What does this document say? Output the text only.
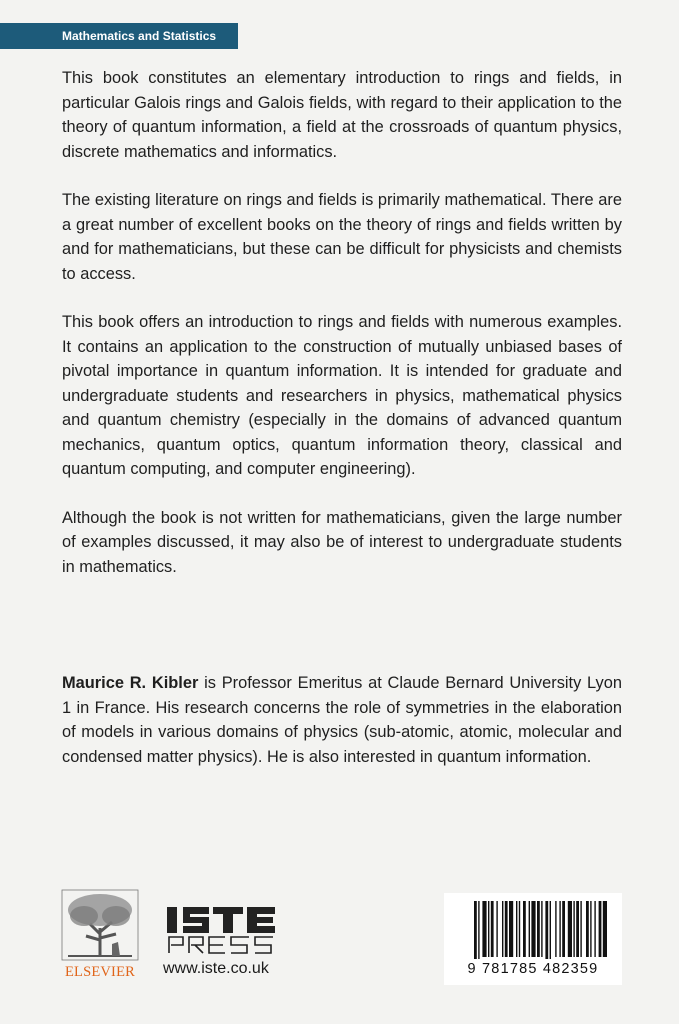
Mathematics and Statistics

This book constitutes an elementary introduction to rings and fields, in particular Galois rings and Galois fields, with regard to their application to the theory of quantum information, a field at the crossroads of quantum physics, discrete mathematics and informatics.

The existing literature on rings and fields is primarily mathematical. There are a great number of excellent books on the theory of rings and fields written by and for mathematicians, but these can be difficult for physicists and chemists to access.

This book offers an introduction to rings and fields with numerous examples. It contains an application to the construction of mutually unbiased bases of pivotal importance in quantum information. It is intended for graduate and undergraduate students and researchers in physics, mathematical physics and quantum chemistry (especially in the domains of advanced quantum mechanics, quantum optics, quantum information theory, classical and quantum computing, and computer engineering).

Although the book is not written for mathematicians, given the large number of examples discussed, it may also be of interest to undergraduate students in mathematics.

Maurice R. Kibler is Professor Emeritus at Claude Bernard University Lyon 1 in France. His research concerns the role of symmetries in the elaboration of models in various domains of physics (sub-atomic, atomic, molecular and condensed matter physics). He is also interested in quantum information.

ELSEVIER	www.iste.co.uk	9 781785 482359
